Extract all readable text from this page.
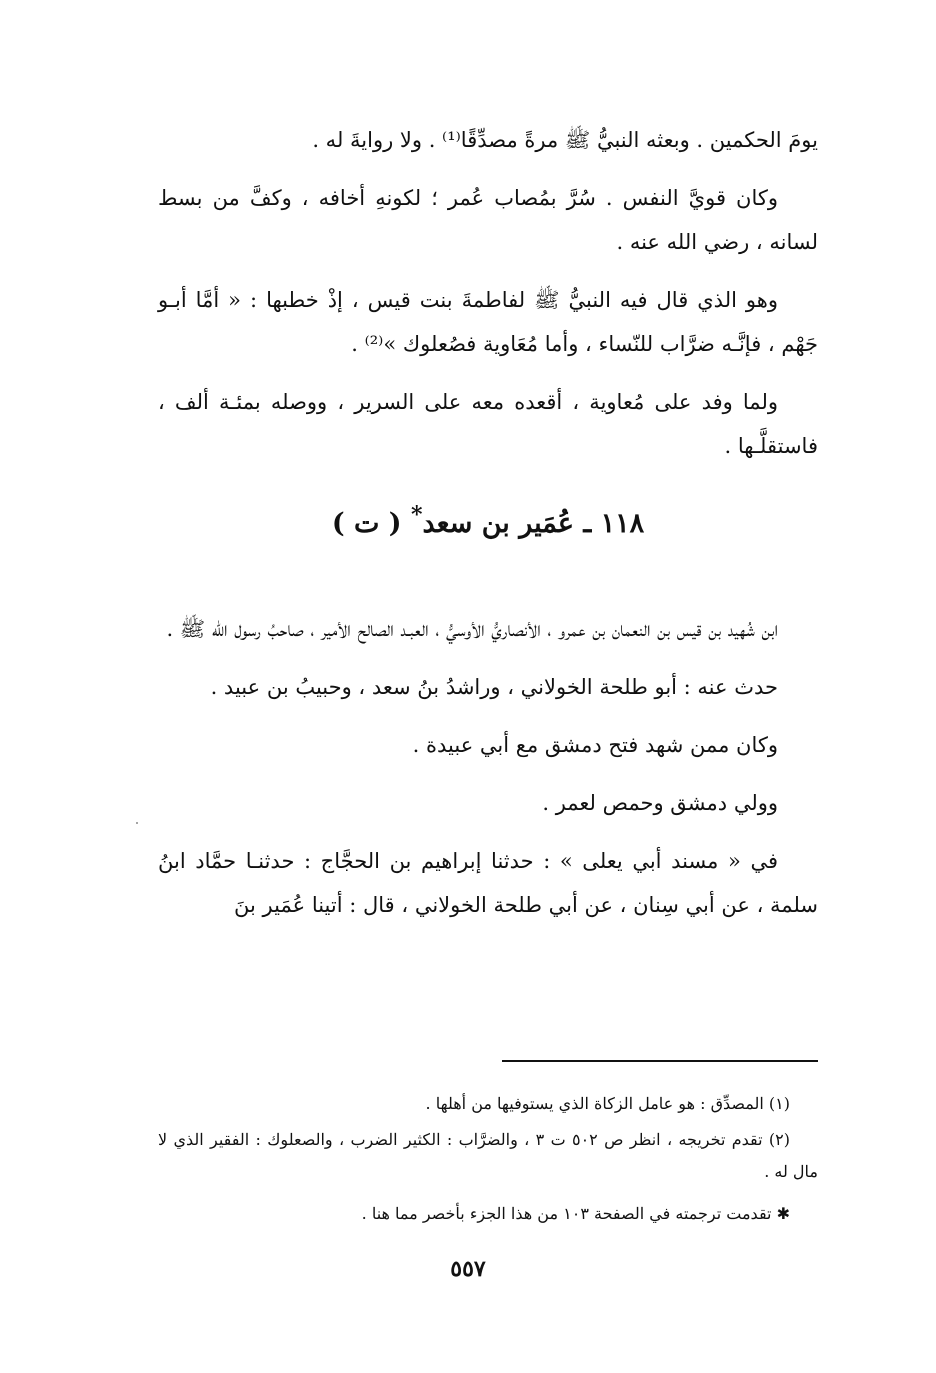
يومَ الحكمين . وبعثه النبيُّ ﷺ مرةً مصدِّقًا⁽¹⁾ . ولا روايةَ له .

وكان قويَّ النفس . سُرَّ بمُصاب عُمر ؛ لكونهِ أخافه ، وكفَّ من بسط لسانه ، رضي الله عنه .

وهو الذي قال فيه النبيُّ ﷺ لفاطمةَ بنت قيس ، إذْ خطبها : « أمَّا أبـو جَهْم ، فإنَّـه ضرَّاب للنّساء ، وأما مُعَاوية فصُعلوك »⁽²⁾ .

ولما وفد على مُعاوية ، أقعده معه على السرير ، ووصله بمئـة ألف ، فاستقلَّـها .

١١٨ ـ عُمَير بن سعد* ( ت )

ابن شُهيد بن قيس بن النعمان بن عمرو ، الأنصاريُّ الأوسيُّ ، العبـد الصالح الأمير ، صاحبُ رسول الله ﷺ .

حدث عنه : أبو طلحة الخولاني ، وراشدُ بنُ سعد ، وحبيبُ بن عبيد .

وكان ممن شهد فتح دمشق مع أبي عبيدة .

وولي دمشق وحمص لعمر .

في « مسند أبي يعلى » : حدثنا إبراهيم بن الحجَّاج : حدثنـا حمَّاد ابنُ سلمة ، عن أبي سِنان ، عن أبي طلحة الخولاني ، قال : أتينا عُمَير بنَ

(١) المصدِّق : هو عامل الزكاة الذي يستوفيها من أهلها .

(٢) تقدم تخريجه ، انظر ص ٥٠٢ ت ٣ ، والضرَّاب : الكثير الضرب ، والصعلوك : الفقير الذي لا مال له .

✱ تقدمت ترجمته في الصفحة ١٠٣ من هذا الجزء بأخصر مما هنا .

٥٥٧
